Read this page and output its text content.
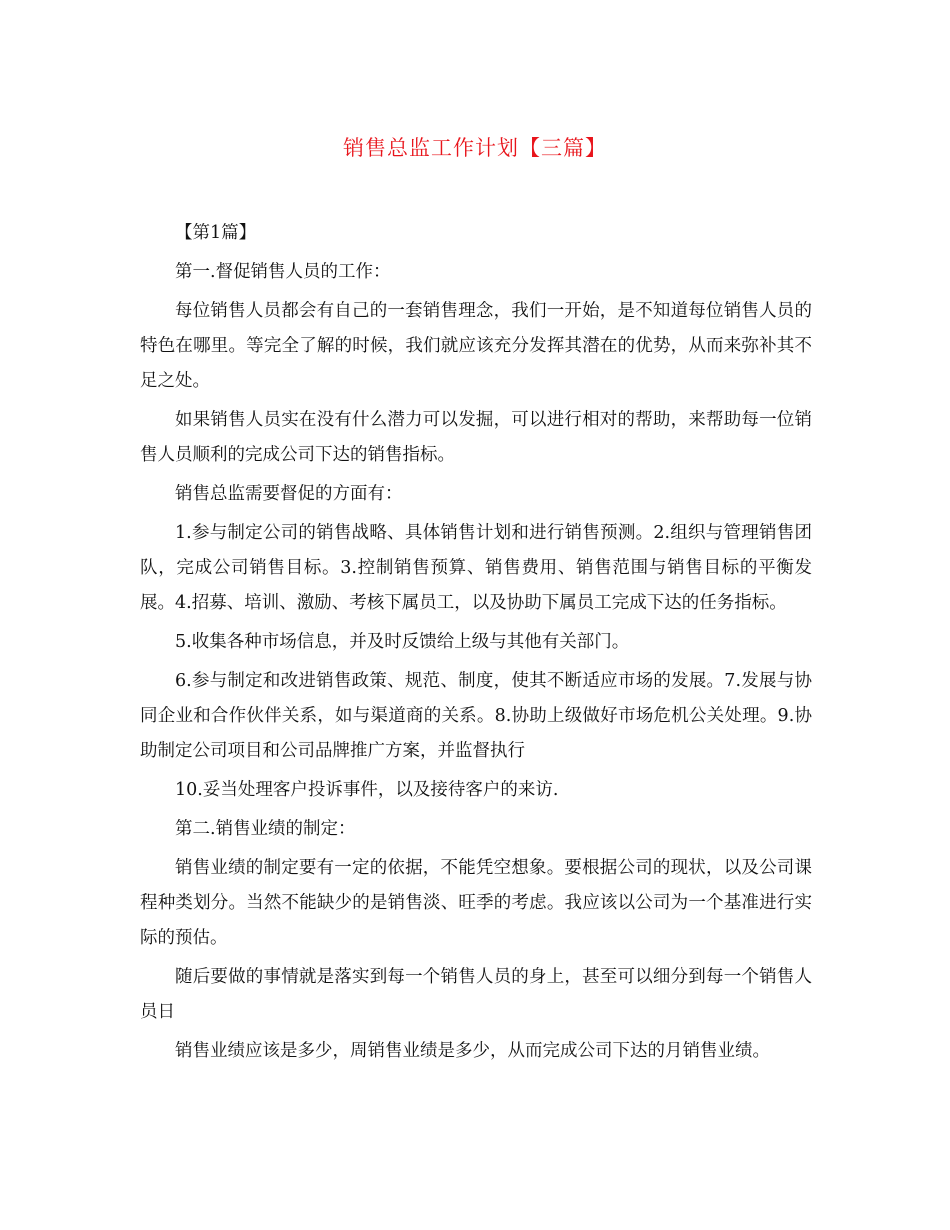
销售总监工作计划【三篇】

【第1篇】

第一.督促销售人员的工作：

每位销售人员都会有自己的一套销售理念，我们一开始，是不知道每位销售人员的特色在哪里。等完全了解的时候，我们就应该充分发挥其潜在的优势，从而来弥补其不足之处。

如果销售人员实在没有什么潜力可以发掘，可以进行相对的帮助，来帮助每一位销售人员顺利的完成公司下达的销售指标。

销售总监需要督促的方面有：

1.参与制定公司的销售战略、具体销售计划和进行销售预测。2.组织与管理销售团队，完成公司销售目标。3.控制销售预算、销售费用、销售范围与销售目标的平衡发展。4.招募、培训、激励、考核下属员工，以及协助下属员工完成下达的任务指标。

5.收集各种市场信息，并及时反馈给上级与其他有关部门。

6.参与制定和改进销售政策、规范、制度，使其不断适应市场的发展。7.发展与协同企业和合作伙伴关系，如与渠道商的关系。8.协助上级做好市场危机公关处理。9.协助制定公司项目和公司品牌推广方案，并监督执行

10.妥当处理客户投诉事件，以及接待客户的来访.

第二.销售业绩的制定：

销售业绩的制定要有一定的依据，不能凭空想象。要根据公司的现状，以及公司课程种类划分。当然不能缺少的是销售淡、旺季的考虑。我应该以公司为一个基准进行实际的预估。

随后要做的事情就是落实到每一个销售人员的身上，甚至可以细分到每一个销售人员日

销售业绩应该是多少，周销售业绩是多少，从而完成公司下达的月销售业绩。
